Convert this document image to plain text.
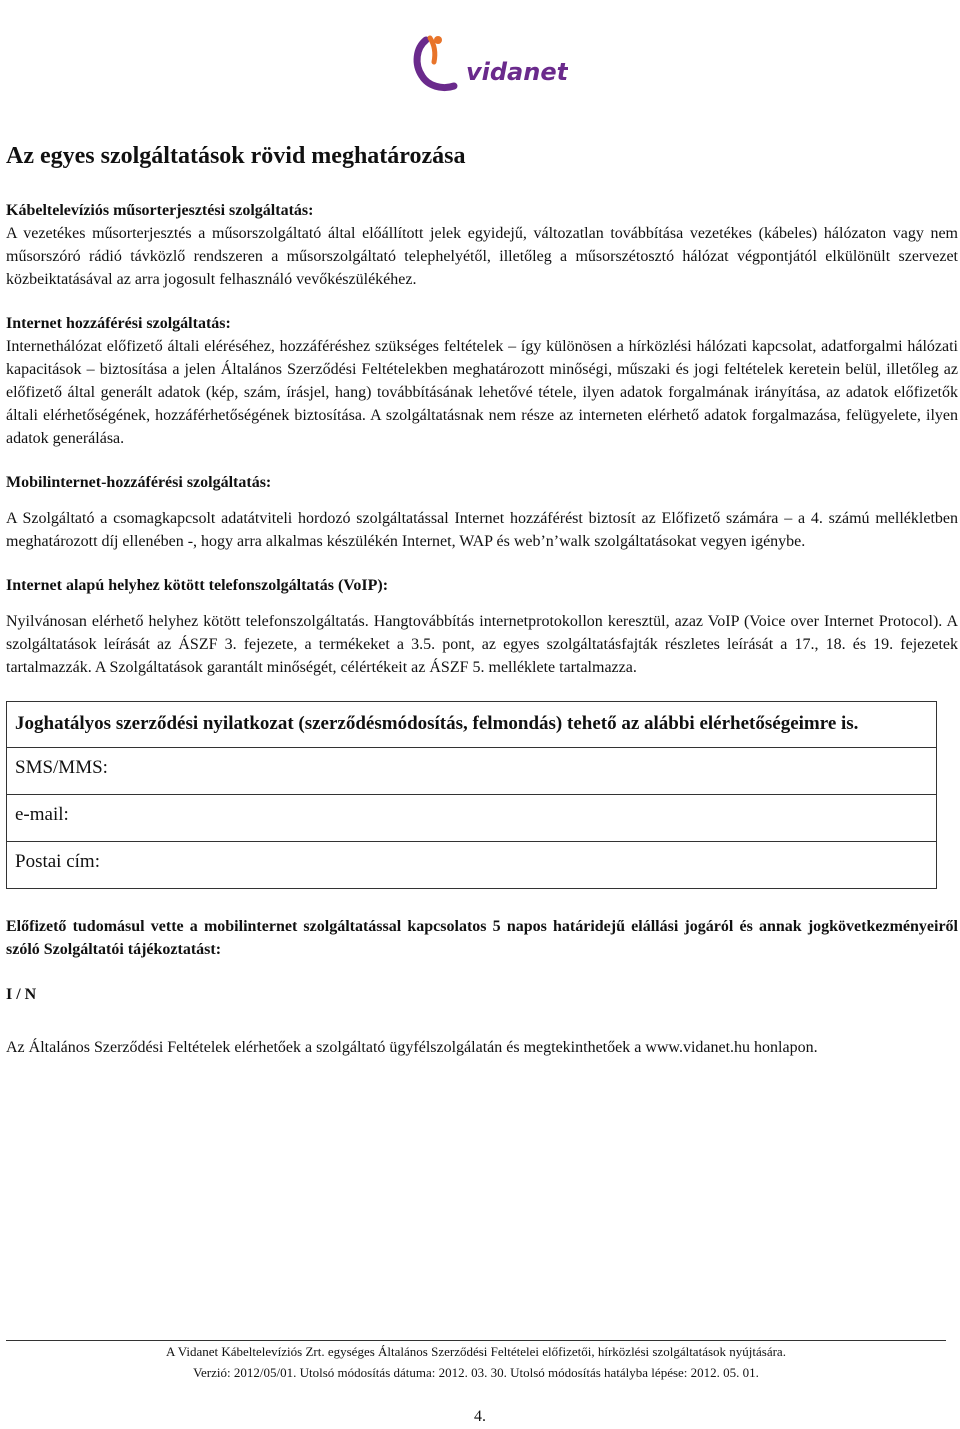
vidanet
Az egyes szolgáltatások rövid meghatározása
Kábeltelevíziós műsorterjesztési szolgáltatás:
A vezetékes műsorterjesztés a műsorszolgáltató által előállított jelek egyidejű, változatlan továbbítása vezetékes (kábeles) hálózaton vagy nem műsorszóró rádió távközlő rendszeren a műsorszolgáltató telephelyétől, illetőleg a műsorszétosztó hálózat végpontjától elkülönült szervezet közbeiktatásával az arra jogosult felhasználó vevőkészülékéhez.
Internet hozzáférési szolgáltatás:
Internethálózat előfizető általi eléréséhez, hozzáféréshez szükséges feltételek – így különösen a hírközlési hálózati kapcsolat, adatforgalmi hálózati kapacitások – biztosítása a jelen Általános Szerződési Feltételekben meghatározott minőségi, műszaki és jogi feltételek keretein belül, illetőleg az előfizető által generált adatok (kép, szám, írásjel, hang) továbbításának lehetővé tétele, ilyen adatok forgalmának irányítása, az adatok előfizetők általi elérhetőségének, hozzáférhetőségének biztosítása. A szolgáltatásnak nem része az interneten elérhető adatok forgalmazása, felügyelete, ilyen adatok generálása.
Mobilinternet-hozzáférési szolgáltatás:
A Szolgáltató a csomagkapcsolt adatátviteli hordozó szolgáltatással Internet hozzáférést biztosít az Előfizető számára – a 4. számú mellékletben meghatározott díj ellenében -, hogy arra alkalmas készülékén Internet, WAP és web’n’walk szolgáltatásokat vegyen igénybe.
Internet alapú helyhez kötött telefonszolgáltatás (VoIP):
Nyilvánosan elérhető helyhez kötött telefonszolgáltatás. Hangtovábbítás internetprotokollon keresztül, azaz VoIP (Voice over Internet Protocol). A szolgáltatások leírását az ÁSZF 3. fejezete, a termékeket a 3.5. pont, az egyes szolgáltatásfajták részletes leírását a 17., 18. és 19. fejezetek tartalmazzák. A Szolgáltatások garantált minőségét, célértékeit az ÁSZF 5. melléklete tartalmazza.
Joghatályos szerződési nyilatkozat (szerződésmódosítás, felmondás) tehető az alábbi elérhetőségeimre is.
SMS/MMS:
e-mail:
Postai cím:
Előfizető tudomásul vette a mobilinternet szolgáltatással kapcsolatos 5 napos határidejű elállási jogáról és annak jogkövetkezményeiről szóló Szolgáltatói tájékoztatást:
I / N
Az Általános Szerződési Feltételek elérhetőek a szolgáltató ügyfélszolgálatán és megtekinthetőek a www.vidanet.hu honlapon.
A Vidanet Kábeltelevíziós Zrt. egységes Általános Szerződési Feltételei előfizetői, hírközlési szolgáltatások nyújtására.
Verzió: 2012/05/01. Utolsó módosítás dátuma: 2012. 03. 30. Utolsó módosítás hatályba lépése: 2012. 05. 01.
4.
